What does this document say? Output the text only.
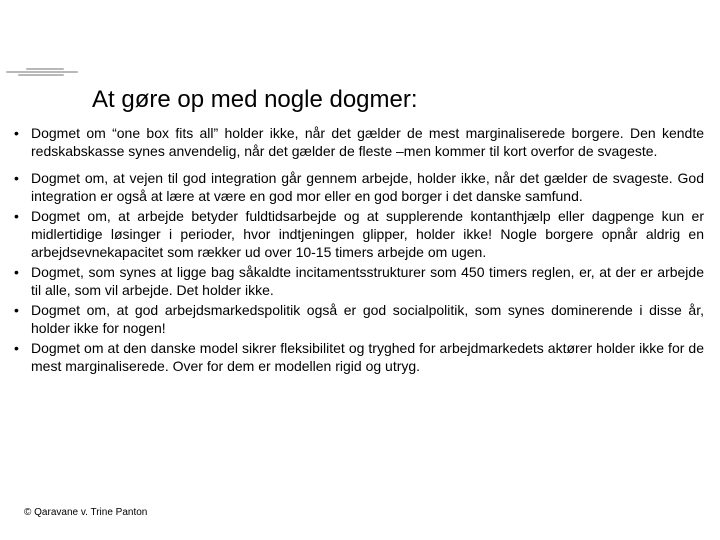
At gøre op med nogle dogmer:
• Dogmet om “one box fits all” holder ikke, når det gælder de mest marginaliserede borgere. Den kendte redskabskasse synes anvendelig, når det gælder de fleste –men kommer til kort overfor de svageste.
• Dogmet om, at vejen til god integration går gennem arbejde, holder ikke, når det gælder de svageste. God integration er også at lære at være en god mor eller en god borger i det danske samfund.
• Dogmet om, at arbejde betyder fuldtidsarbejde og at supplerende kontanthjælp eller dagpenge kun er midlertidige løsinger i perioder, hvor indtjeningen glipper, holder ikke! Nogle borgere opnår aldrig en arbejdsevnekapacitet som rækker ud over 10-15 timers arbejde om ugen.
• Dogmet, som synes at ligge bag såkaldte incitamentsstrukturer som 450 timers reglen, er, at der er arbejde til alle, som vil arbejde. Det holder ikke.
• Dogmet om, at god arbejdsmarkedspolitik også er god socialpolitik, som synes dominerende i disse år, holder ikke for nogen!
• Dogmet om at den danske model sikrer fleksibilitet og tryghed for arbejdmarkedets aktører holder ikke for de mest marginaliserede. Over for dem er modellen rigid og utryg.
© Qaravane v. Trine Panton
